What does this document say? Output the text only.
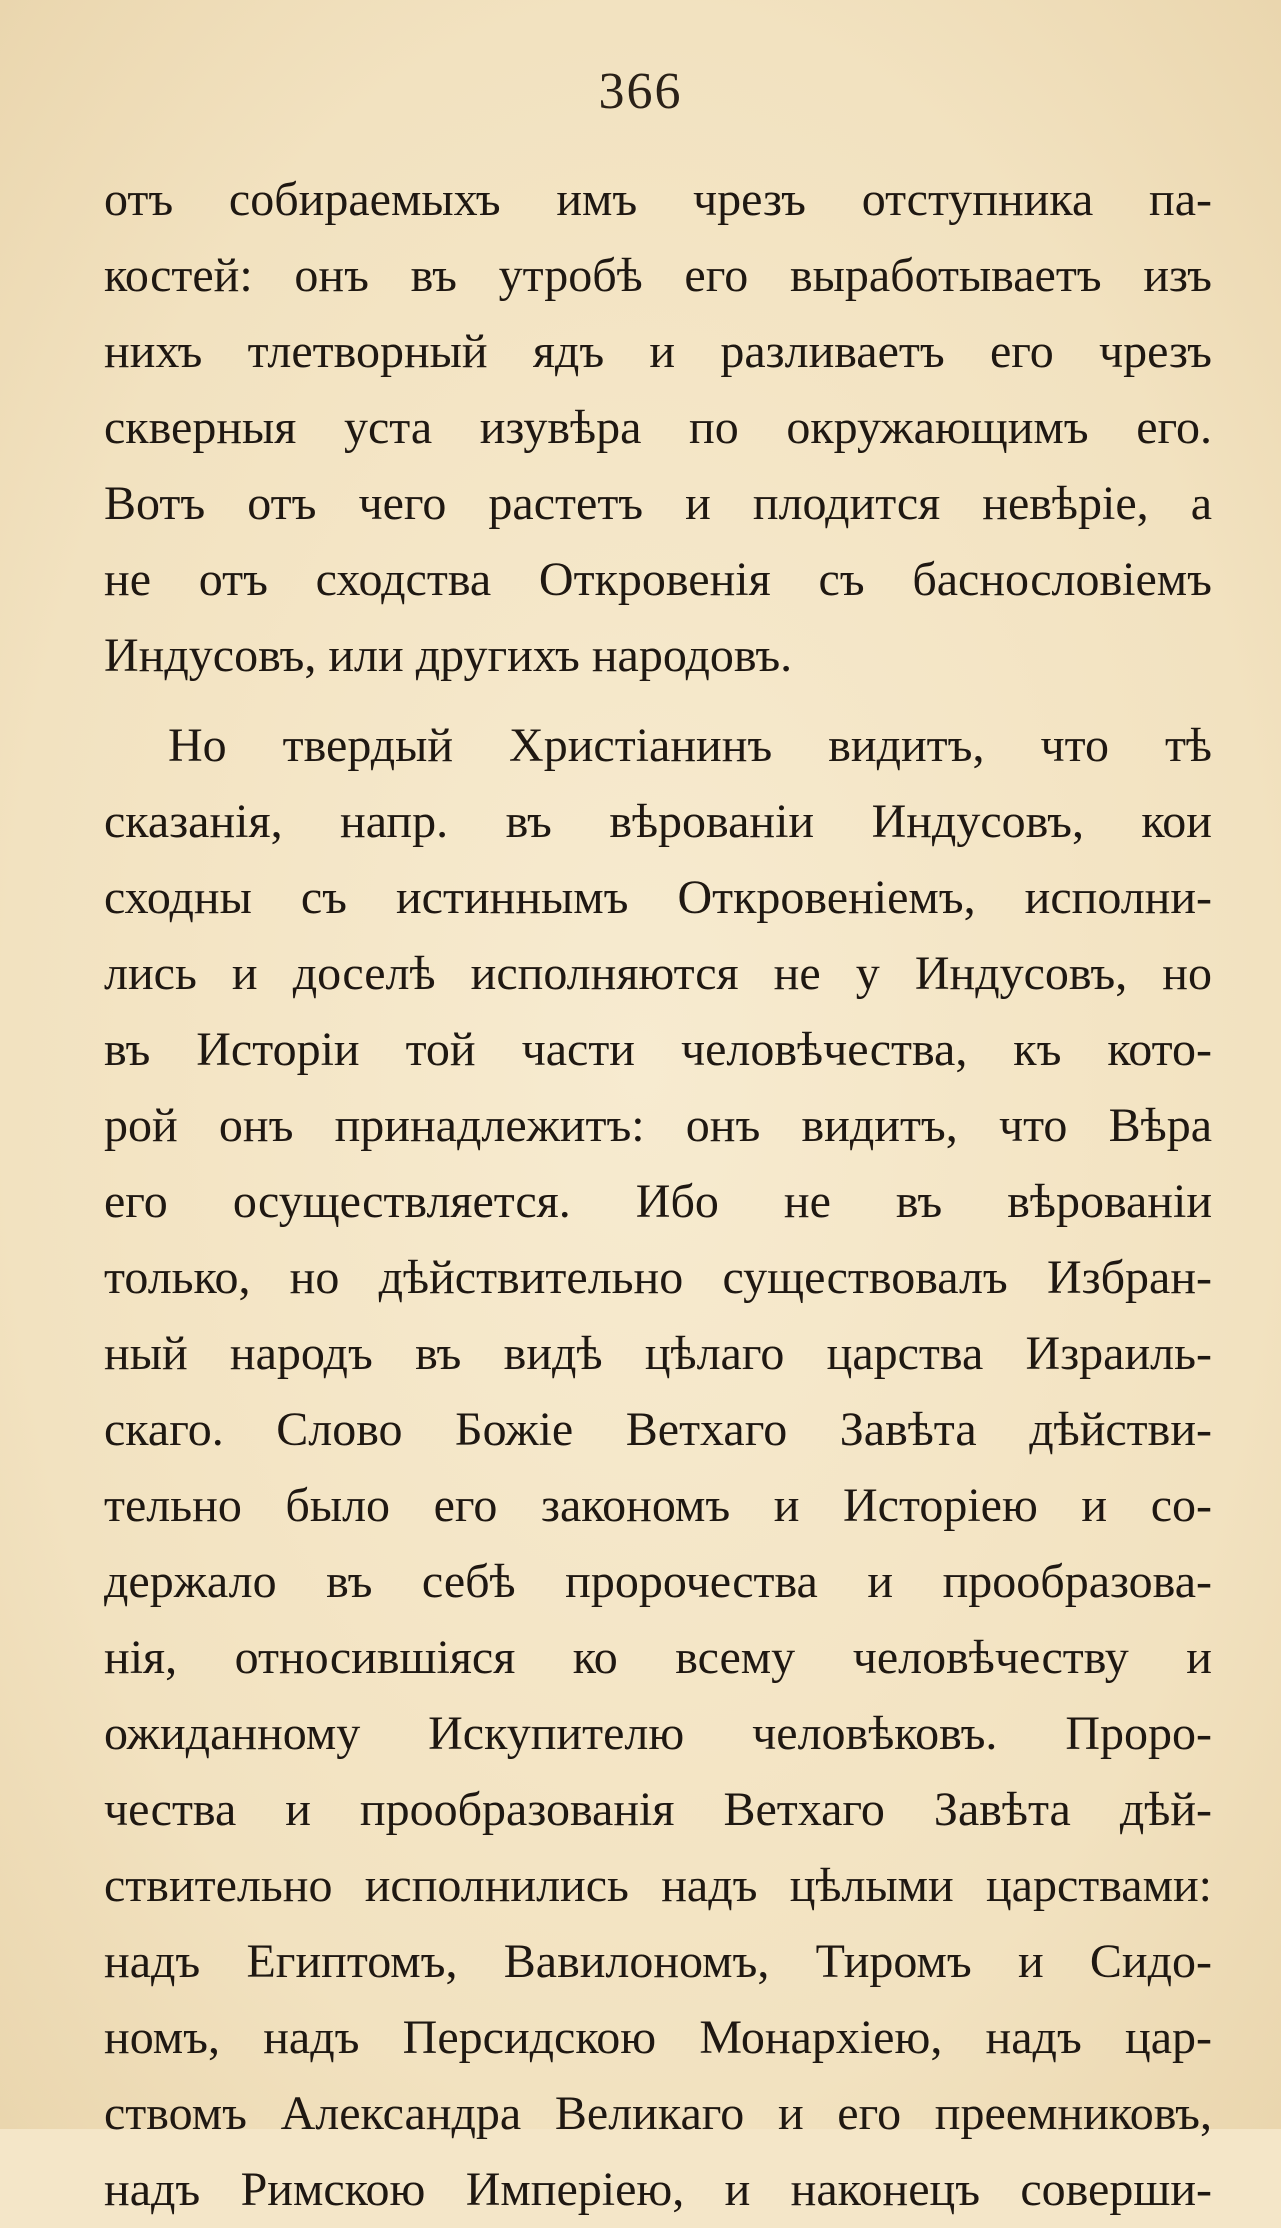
366
отъ собираемыхъ имъ чрезъ отступника па-
костей: онъ въ утробѣ его выработываетъ изъ
нихъ тлетворный ядъ и разливаетъ его чрезъ
скверныя уста изувѣра по окружающимъ его.
Вотъ отъ чего растетъ и плодится невѣріе, а
не отъ сходства Откровенія съ баснословіемъ
Индусовъ, или другихъ народовъ.
Но твердый Христіанинъ видитъ, что тѣ
сказанія, напр. въ вѣрованіи Индусовъ, кои
сходны съ истиннымъ Откровеніемъ, исполни-
лись и доселѣ исполняются не у Индусовъ, но
въ Исторіи той части человѣчества, къ кото-
рой онъ принадлежитъ: онъ видитъ, что Вѣра
его осуществляется. Ибо не въ вѣрованіи
только, но дѣйствительно существовалъ Избран-
ный народъ въ видѣ цѣлаго царства Израиль-
скаго. Слово Божіе Ветхаго Завѣта дѣйстви-
тельно было его закономъ и Исторіею и со-
держало въ себѣ пророчества и прообразова-
нія, относившіяся ко всему человѣчеству и
ожиданному Искупителю человѣковъ. Проро-
чества и прообразованія Ветхаго Завѣта дѣй-
ствительно исполнились надъ цѣлыми царствами:
надъ Египтомъ, Вавилономъ, Тиромъ и Сидо-
номъ, надъ Персидскою Монархіею, надъ цар-
ствомъ Александра Великаго и его преемниковъ,
надъ Римскою Имперіею, и наконецъ соверши-
